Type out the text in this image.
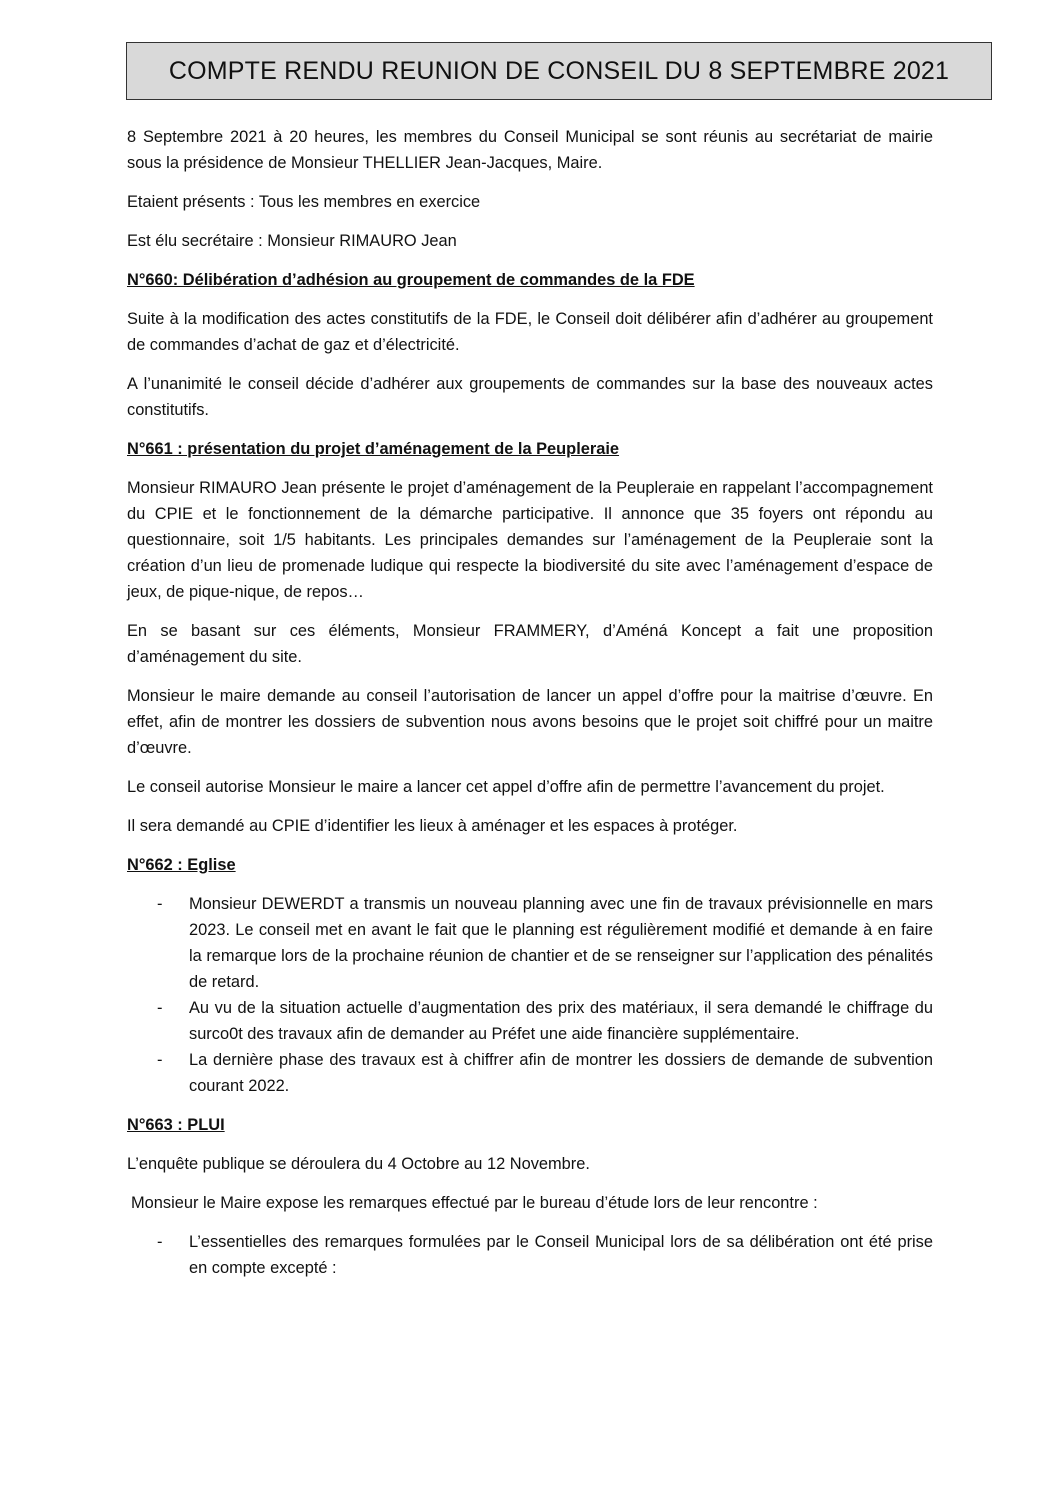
COMPTE RENDU REUNION DE CONSEIL DU 8 SEPTEMBRE 2021

8 Septembre 2021 à 20 heures, les membres du Conseil Municipal se sont réunis au secrétariat de mairie sous la présidence de Monsieur THELLIER Jean-Jacques, Maire.

Etaient présents : Tous les membres en exercice

Est élu secrétaire : Monsieur RIMAURO Jean

N°660: Délibération d’adhésion au groupement de commandes de la FDE

Suite à la modification des actes constitutifs de la FDE, le Conseil doit délibérer afin d’adhérer au groupement de commandes d’achat de gaz et d’électricité.

A l’unanimité le conseil décide d’adhérer aux groupements de commandes sur la base des nouveaux actes constitutifs.

N°661 : présentation du projet d’aménagement de la Peupleraie

Monsieur RIMAURO Jean présente le projet d’aménagement de la Peupleraie en rappelant l’accompagnement du CPIE et le fonctionnement de la démarche participative. Il annonce que 35 foyers ont répondu au questionnaire, soit 1/5 habitants. Les principales demandes sur l’aménagement de la Peupleraie sont la création d’un lieu de promenade ludique qui respecte la biodiversité du site avec l’aménagement d’espace de jeux, de pique-nique, de repos…

En se basant sur ces éléments, Monsieur FRAMMERY, d’Améná Koncept a fait une proposition d’aménagement du site.

Monsieur le maire demande au conseil l’autorisation de lancer un appel d’offre pour la maitrise d’œuvre. En effet, afin de montrer les dossiers de subvention nous avons besoins que le projet soit chiffré pour un maitre d’œuvre.

Le conseil autorise Monsieur le maire a lancer cet appel d’offre afin de permettre l’avancement du projet.

Il sera demandé au CPIE d’identifier les lieux à aménager et les espaces à protéger.

N°662 : Eglise
- Monsieur DEWERDT a transmis un nouveau planning avec une fin de travaux prévisionnelle en mars 2023. Le conseil met en avant le fait que le planning est régulièrement modifié et demande à en faire la remarque lors de la prochaine réunion de chantier et de se renseigner sur l’application des pénalités de retard.
- Au vu de la situation actuelle d’augmentation des prix des matériaux, il sera demandé le chiffrage du surco0t des travaux afin de demander au Préfet une aide financière supplémentaire.
- La dernière phase des travaux est à chiffrer afin de montrer les dossiers de demande de subvention courant 2022.
N°663 : PLUI

L’enquête publique se déroulera du 4 Octobre au 12 Novembre.

Monsieur le Maire expose les remarques effectué par le bureau d’étude lors de leur rencontre :

- L’essentielles des remarques formulées par le Conseil Municipal lors de sa délibération ont été prise en compte excepté :
